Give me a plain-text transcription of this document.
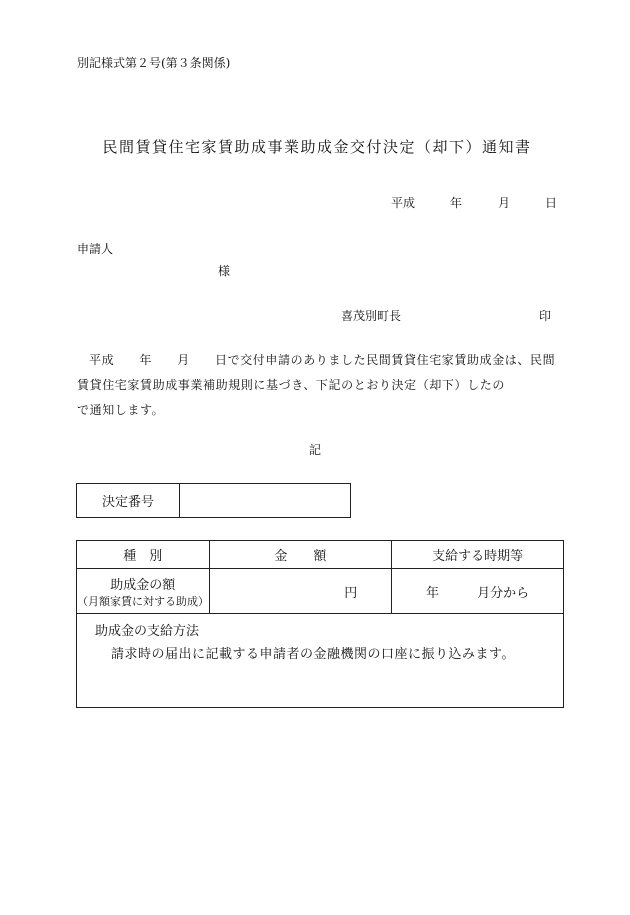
別記様式第２号(第３条関係)
民間賃貸住宅家賃助成事業助成金交付決定（却下）通知書
平成	年	月	日
申請人
様
喜茂別町長	印
平成　　年　　月　　日で交付申請のありました民間賃貸住宅家賃助成金は、民間
賃貸住宅家賃助成事業補助規則に基づき、下記のとおり決定（却下）したの
で通知します。
記
決定番号	
種　別	金　　額	支給する時期等

助成金の額
（月額家賃に対する助成）	円	年 月分から

助成金の支給方法
請求時の届出に記載する申請者の金融機関の口座に振り込みます。		
